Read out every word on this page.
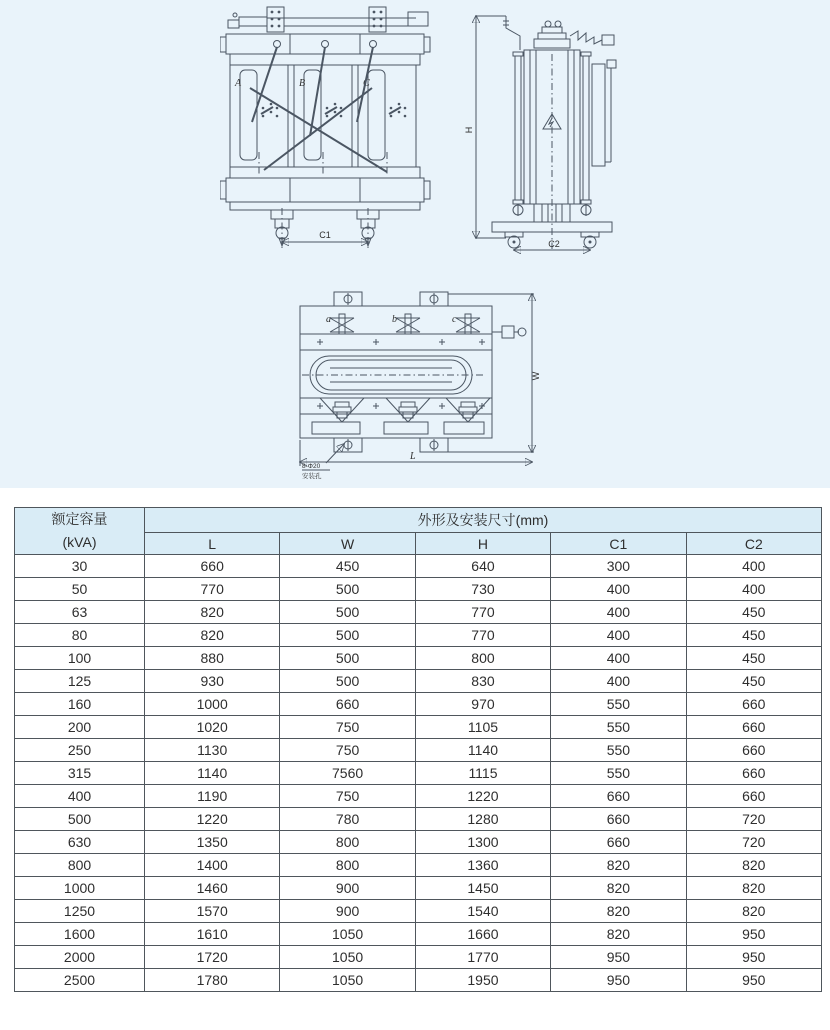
A	B	C
C1
H
C2
a	b	c
W
L
8-Φ20
安装孔
额定容量
(kVA)	外形及安装尺寸(mm)				
	L	W	H	C1	C2
30	660	450	640	300	400
50	770	500	730	400	400
63	820	500	770	400	450
80	820	500	770	400	450
100	880	500	800	400	450
125	930	500	830	400	450
160	1000	660	970	550	660
200	1020	750	1105	550	660
250	1130	750	1140	550	660
315	1140	7560	1115	550	660
400	1190	750	1220	660	660
500	1220	780	1280	660	720
630	1350	800	1300	660	720
800	1400	800	1360	820	820
1000	1460	900	1450	820	820
1250	1570	900	1540	820	820
1600	1610	1050	1660	820	950
2000	1720	1050	1770	950	950
2500	1780	1050	1950	950	950
